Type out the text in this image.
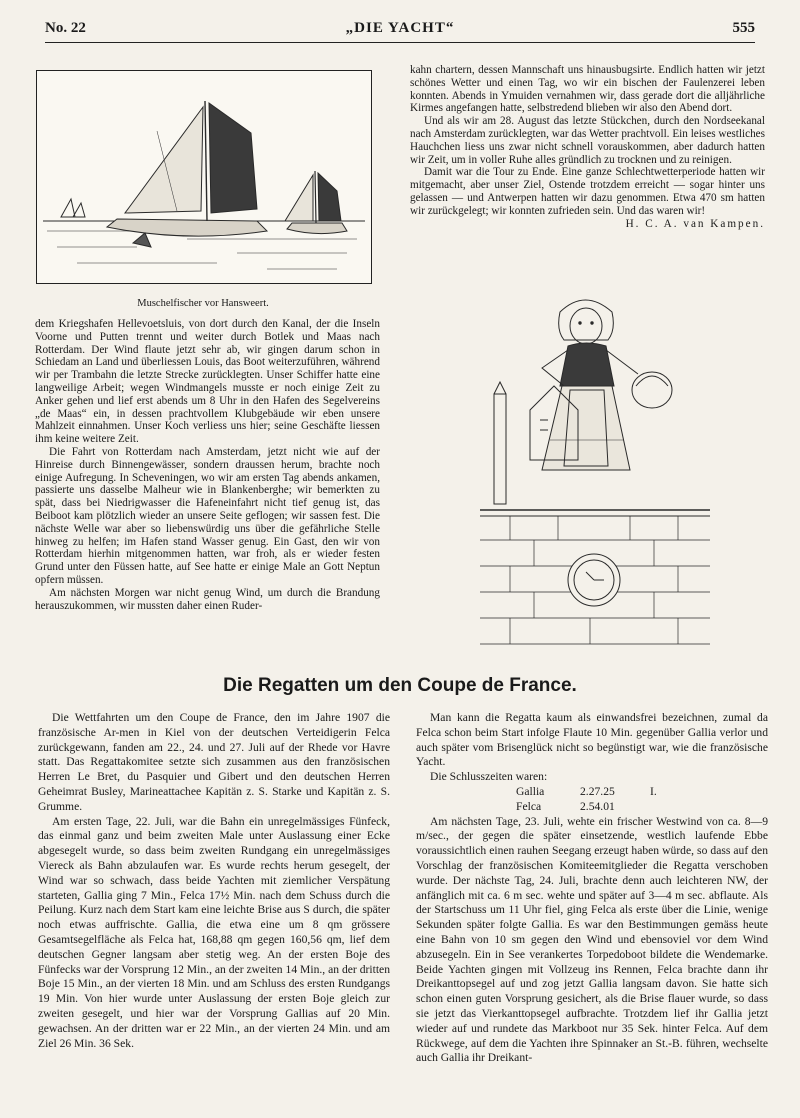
No. 22	„DIE YACHT“	555
Muschelfischer vor Hansweert.

dem Kriegshafen Hellevoetsluis, von dort durch den Kanal, der die Inseln Voorne und Putten trennt und weiter durch Botlek und Maas nach Rotterdam. Der Wind flaute jetzt sehr ab, wir gingen darum schon in Schiedam an Land und überliessen Louis, das Boot weiterzuführen, während wir per Trambahn die letzte Strecke zurücklegten. Unser Schiffer hatte eine langweilige Arbeit; wegen Windmangels musste er noch einige Zeit zu Anker gehen und lief erst abends um 8 Uhr in den Hafen des Segelvereins „de Maas“ ein, in dessen prachtvollem Klubgebäude wir eben unsere Mahlzeit einnahmen. Unser Koch verliess uns hier; seine Geschäfte liessen ihm keine weitere Zeit.

Die Fahrt von Rotterdam nach Amsterdam, jetzt nicht wie auf der Hinreise durch Binnengewässer, sondern draussen herum, brachte noch einige Aufregung. In Scheveningen, wo wir am ersten Tag abends ankamen, passierte uns dasselbe Malheur wie in Blankenberghe; wir bemerkten zu spät, dass bei Niedrigwasser die Hafeneinfahrt nicht tief genug ist, das Beiboot kam plötzlich wieder an unsere Seite geflogen; wir sassen fest. Die nächste Welle war aber so liebenswürdig uns über die gefährliche Stelle hinweg zu helfen; im Hafen stand Wasser genug. Ein Gast, den wir von Rotterdam hierhin mitgenommen hatten, war froh, als er wieder festen Grund unter den Füssen hatte, auf See hatte er einige Male an Gott Neptun opfern müssen.

Am nächsten Morgen war nicht genug Wind, um durch die Brandung herauszukommen, wir mussten daher einen Ruder-

kahn chartern, dessen Mannschaft uns hinausbugsirte. Endlich hatten wir jetzt schönes Wetter und einen Tag, wo wir ein bischen der Faulenzerei leben konnten. Abends in Ymuiden vernahmen wir, dass gerade dort die alljährliche Kirmes angefangen hatte, selbstredend blieben wir also den Abend dort.

Und als wir am 28. August das letzte Stückchen, durch den Nordseekanal nach Amsterdam zurücklegten, war das Wetter prachtvoll. Ein leises westliches Hauchchen liess uns zwar nicht schnell vorauskommen, aber dadurch hatten wir Zeit, um in voller Ruhe alles gründlich zu trocknen und zu reinigen.

Damit war die Tour zu Ende. Eine ganze Schlechtwetterperiode hatten wir mitgemacht, aber unser Ziel, Ostende trotzdem erreicht — sogar hinter uns gelassen — und Antwerpen hatten wir dazu genommen. Etwa 470 sm hatten wir zurückgelegt; wir konnten zufrieden sein. Und das waren wir!

H. C. A. van Kampen.

Die Regatten um den Coupe de France.

Die Wettfahrten um den Coupe de France, den im Jahre 1907 die französische Ar-men in Kiel von der deutschen Verteidigerin Felca zurückgewann, fanden am 22., 24. und 27. Juli auf der Rhede vor Havre statt. Das Regattakomitee setzte sich zusammen aus den französischen Herren Le Bret, du Pasquier und Gibert und den deutschen Herren Geheimrat Busley, Marineattachee Kapitän z. S. Starke und Kapitän z. S. Grumme.

Am ersten Tage, 22. Juli, war die Bahn ein unregelmässiges Fünfeck, das einmal ganz und beim zweiten Male unter Auslassung einer Ecke abgesegelt wurde, so dass beim zweiten Rundgang ein unregelmässiges Viereck als Bahn abzulaufen war. Es wurde rechts herum gesegelt, der Wind war so schwach, dass beide Yachten mit ziemlicher Verspätung starteten, Gallia ging 7 Min., Felca 17½ Min. nach dem Schuss durch die Peilung. Kurz nach dem Start kam eine leichte Brise aus S durch, die später noch etwas auffrischte. Gallia, die etwa eine um 8 qm grössere Gesamtsegelfläche als Felca hat, 168,88 qm gegen 160,56 qm, lief dem deutschen Gegner langsam aber stetig weg. An der ersten Boje des Fünfecks war der Vorsprung 12 Min., an der zweiten 14 Min., an der dritten Boje 15 Min., an der vierten 18 Min. und am Schluss des ersten Rundgangs 19 Min. Von hier wurde unter Auslassung der ersten Boje gleich zur zweiten gesegelt, und hier war der Vorsprung Gallias auf 20 Min. gewachsen. An der dritten war er 22 Min., an der vierten 24 Min. und am Ziel 26 Min. 36 Sek.

Man kann die Regatta kaum als einwandsfrei bezeichnen, zumal da Felca schon beim Start infolge Flaute 10 Min. gegenüber Gallia verlor und auch später vom Brisenglück nicht so begünstigt war, wie die französische Yacht.

Die Schlusszeiten waren:

Gallia	2.27.25	I.
Felca	2.54.01

Am nächsten Tage, 23. Juli, wehte ein frischer Westwind von ca. 8—9 m/sec., der gegen die später einsetzende, westlich laufende Ebbe voraussichtlich einen rauhen Seegang erzeugt haben würde, so dass auf den Vorschlag der französischen Komiteemitglieder die Regatta verschoben wurde. Der nächste Tag, 24. Juli, brachte denn auch leichteren NW, der anfänglich mit ca. 6 m sec. wehte und später auf 3—4 m sec. abflaute. Als der Startschuss um 11 Uhr fiel, ging Felca als erste über die Linie, wenige Sekunden später folgte Gallia. Es war den Bestimmungen gemäss heute eine Bahn von 10 sm gegen den Wind und ebensoviel vor dem Wind abzusegeln. Ein in See verankertes Torpedoboot bildete die Wendemarke. Beide Yachten gingen mit Vollzeug ins Rennen, Felca brachte dann ihr Dreikanttopsegel auf und zog jetzt Gallia langsam davon. Sie hatte sich schon einen guten Vorsprung gesichert, als die Brise flauer wurde, so dass sie jetzt das Vierkanttopsegel aufbrachte. Trotzdem lief ihr Gallia jetzt wieder auf und rundete das Markboot nur 35 Sek. hinter Felca. Auf dem Rückwege, auf dem die Yachten ihre Spinnaker an St.-B. führen, wechselte auch Gallia ihr Dreikant-
